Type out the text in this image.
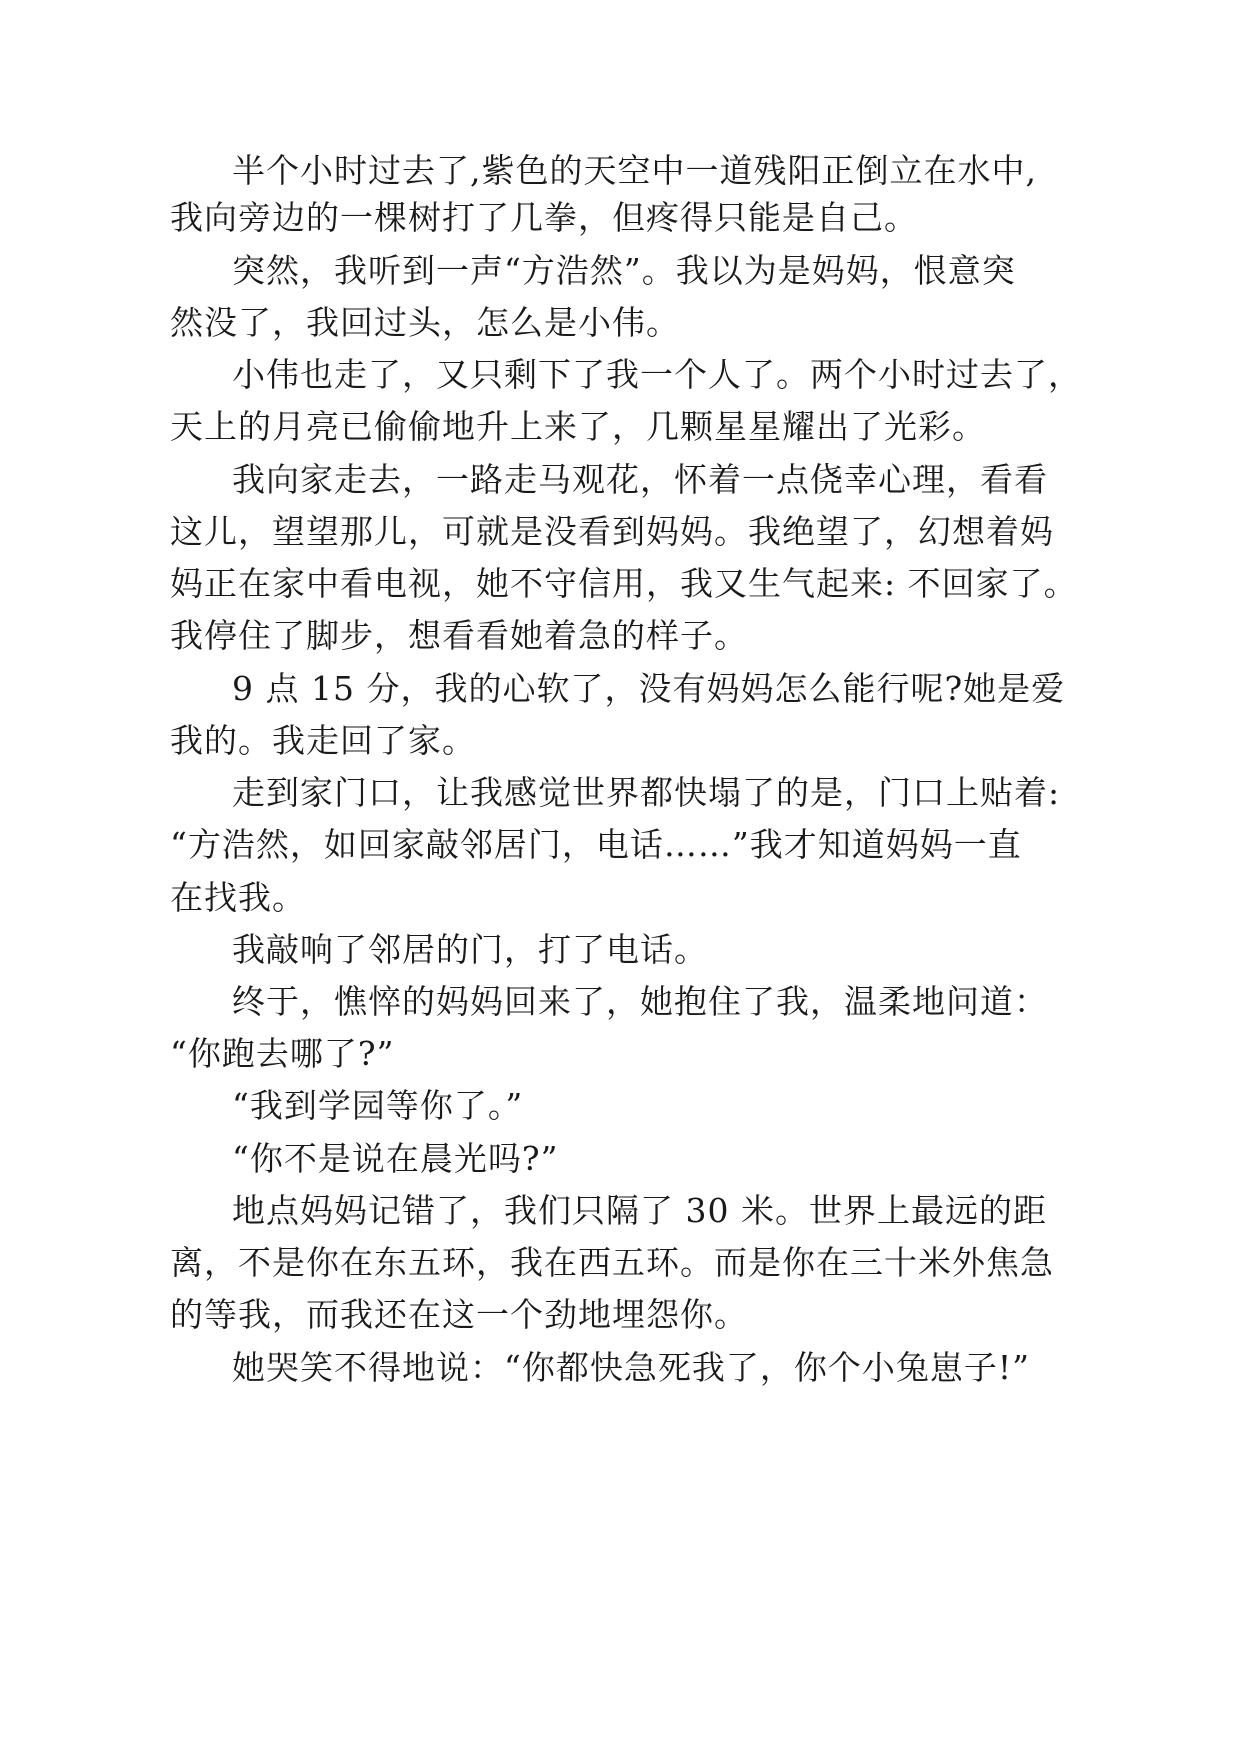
半个小时过去了,紫色的天空中一道残阳正倒立在水中,
我向旁边的一棵树打了几拳，但疼得只能是自己。
突然，我听到一声“方浩然”。我以为是妈妈，恨意突
然没了，我回过头，怎么是小伟。
小伟也走了，又只剩下了我一个人了。两个小时过去了，
天上的月亮已偷偷地升上来了，几颗星星耀出了光彩。
我向家走去，一路走马观花，怀着一点侥幸心理，看看
这儿，望望那儿，可就是没看到妈妈。我绝望了，幻想着妈
妈正在家中看电视，她不守信用，我又生气起来: 不回家了。
我停住了脚步，想看看她着急的样子。
9 点 15 分，我的心软了，没有妈妈怎么能行呢?她是爱
我的。我走回了家。
走到家门口，让我感觉世界都快塌了的是，门口上贴着:
“方浩然，如回家敲邻居门，电话……”我才知道妈妈一直
在找我。
我敲响了邻居的门，打了电话。
终于，憔悴的妈妈回来了，她抱住了我，温柔地问道：
“你跑去哪了?”
“我到学园等你了。”
“你不是说在晨光吗?”
地点妈妈记错了，我们只隔了 30 米。世界上最远的距
离，不是你在东五环，我在西五环。而是你在三十米外焦急
的等我，而我还在这一个劲地埋怨你。
她哭笑不得地说：“你都快急死我了，你个小兔崽子!”
